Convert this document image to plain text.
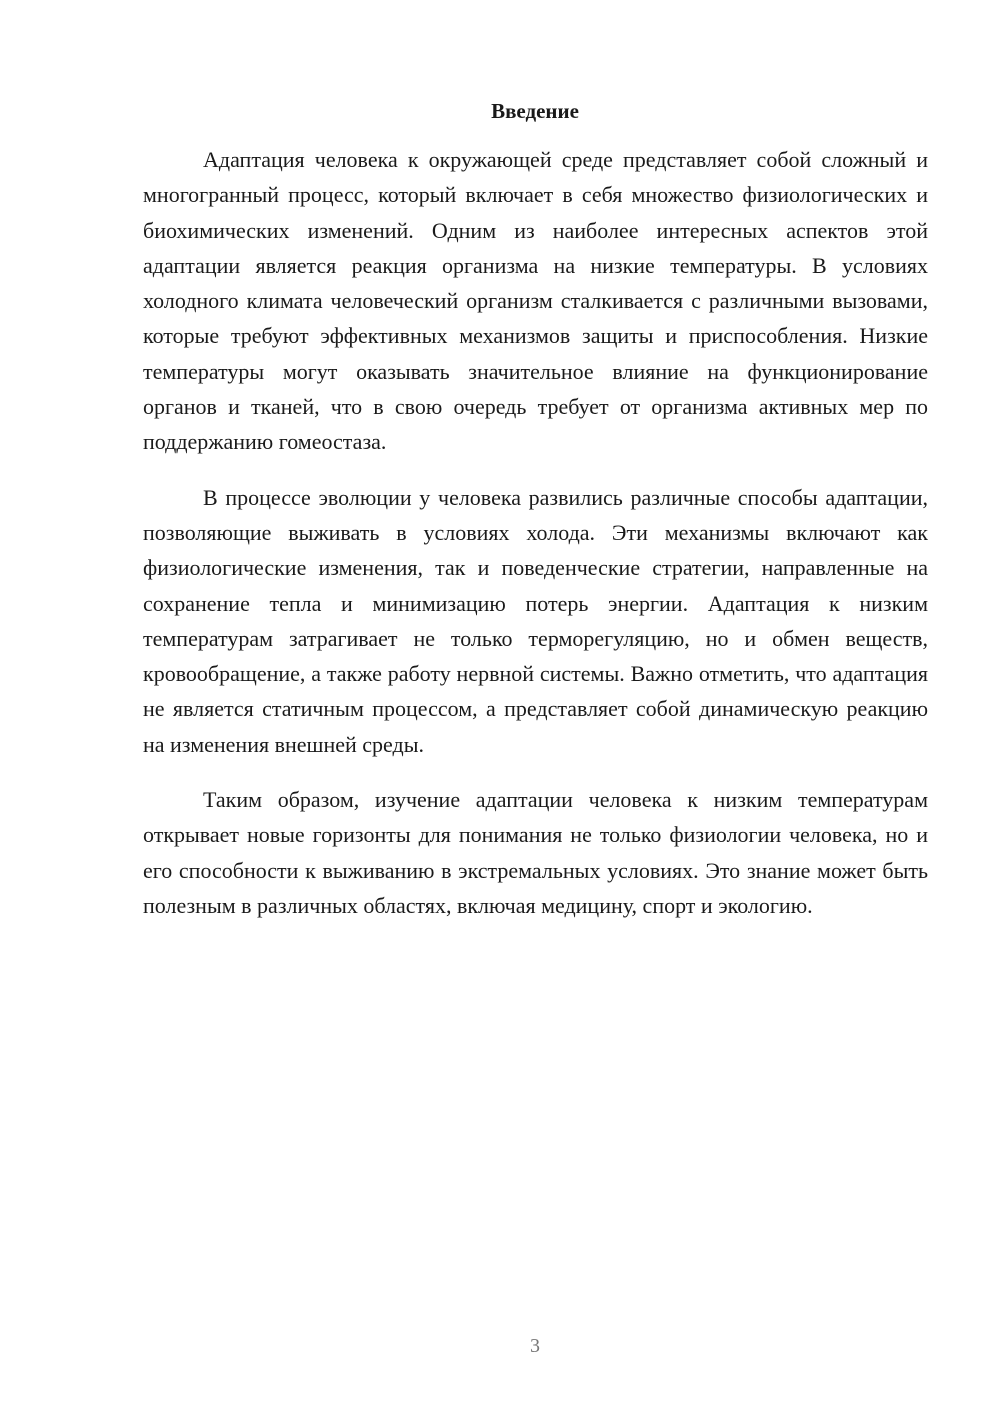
Введение

Адаптация человека к окружающей среде представляет собой сложный и многогранный процесс, который включает в себя множество физиологических и биохимических изменений. Одним из наиболее интересных аспектов этой адаптации является реакция организма на низкие температуры. В условиях холодного климата человеческий организм сталкивается с различными вызовами, которые требуют эффективных механизмов защиты и приспособления. Низкие температуры могут оказывать значительное влияние на функционирование органов и тканей, что в свою очередь требует от организма активных мер по поддержанию гомеостаза.

В процессе эволюции у человека развились различные способы адаптации, позволяющие выживать в условиях холода. Эти механизмы включают как физиологические изменения, так и поведенческие стратегии, направленные на сохранение тепла и минимизацию потерь энергии. Адаптация к низким температурам затрагивает не только терморегуляцию, но и обмен веществ, кровообращение, а также работу нервной системы. Важно отметить, что адаптация не является статичным процессом, а представляет собой динамическую реакцию на изменения внешней среды.

Таким образом, изучение адаптации человека к низким температурам открывает новые горизонты для понимания не только физиологии человека, но и его способности к выживанию в экстремальных условиях. Это знание может быть полезным в различных областях, включая медицину, спорт и экологию.

3
